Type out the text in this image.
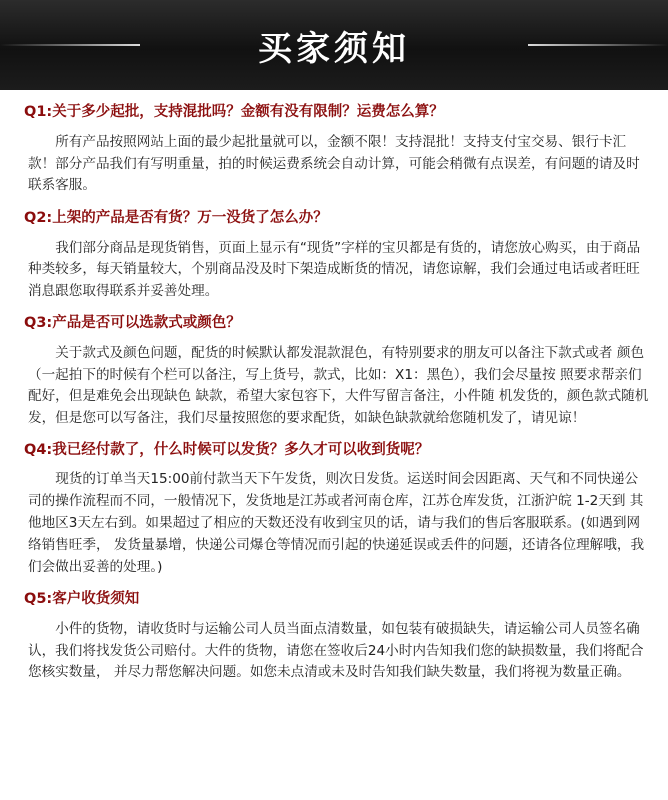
买家须知
Q1:关于多少起批，支持混批吗？金额有没有限制？运费怎么算？

所有产品按照网站上面的最少起批量就可以，金额不限！支持混批！支持支付宝交易、银行卡汇款！部分产品我们有写明重量，拍的时候运费系统会自动计算，可能会稍微有点误差，有问题的请及时联系客服。

Q2:上架的产品是否有货？万一没货了怎么办？

我们部分商品是现货销售，页面上显示有“现货”字样的宝贝都是有货的，请您放心购买，由于商品种类较多，每天销量较大，个别商品没及时下架造成断货的情况，请您谅解，我们会通过电话或者旺旺消息跟您取得联系并妥善处理。

Q3:产品是否可以选款式或颜色？

关于款式及颜色问题，配货的时候默认都发混款混色，有特别要求的朋友可以备注下款式或者 颜色（一起拍下的时候有个栏可以备注，写上货号，款式，比如：X1：黑色），我们会尽量按 照要求帮亲们配好，但是难免会出现缺色 缺款，希望大家包容下，大件写留言备注，小件随 机发货的，颜色款式随机发，但是您可以写备注，我们尽量按照您的要求配货，如缺色缺款就给您随机发了，请见谅！

Q4:我已经付款了，什么时候可以发货？多久才可以收到货呢？

现货的订单当天15:00前付款当天下午发货，则次日发货。运送时间会因距离、天气和不同快递公司的操作流程而不同，一般情况下，发货地是江苏或者河南仓库，江苏仓库发货，江浙沪皖 1-2天到 其他地区3天左右到。如果超过了相应的天数还没有收到宝贝的话，请与我们的售后客服联系。(如遇到网络销售旺季， 发货量暴增，快递公司爆仓等情况而引起的快递延误或丢件的问题，还请各位理解哦，我们会做出妥善的处理。)

Q5:客户收货须知

小件的货物，请收货时与运输公司人员当面点清数量，如包装有破损缺失，请运输公司人员签名确认，我们将找发货公司赔付。大件的货物，请您在签收后24小时内告知我们您的缺损数量，我们将配合您核实数量， 并尽力帮您解决问题。如您未点清或未及时告知我们缺失数量，我们将视为数量正确。
